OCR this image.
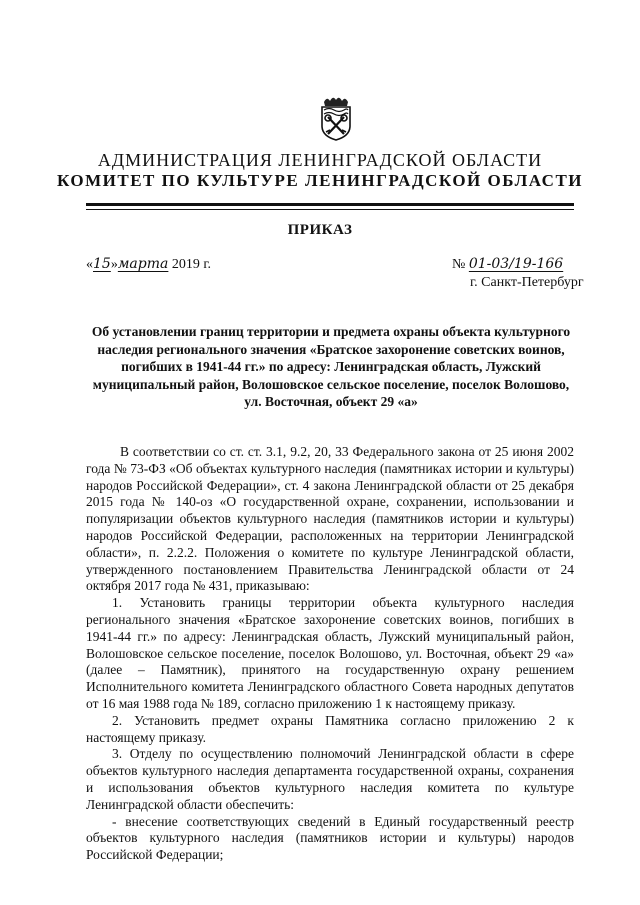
АДМИНИСТРАЦИЯ ЛЕНИНГРАДСКОЙ ОБЛАСТИ
КОМИТЕТ ПО КУЛЬТУРЕ ЛЕНИНГРАДСКОЙ ОБЛАСТИ
ПРИКАЗ
«15»марта 2019 г.	№ 01-03/19-166
г. Санкт-Петербург
Об установлении границ территории и предмета охраны объекта культурного наследия регионального значения «Братское захоронение советских воинов, погибших в 1941-44 гг.» по адресу: Ленинградская область, Лужский муниципальный район, Волошовское сельское поселение, поселок Волошово, ул. Восточная, объект 29 «а»

В соответствии со ст. ст. 3.1, 9.2, 20, 33 Федерального закона от 25 июня 2002 года № 73-ФЗ «Об объектах культурного наследия (памятниках истории и культуры) народов Российской Федерации», ст. 4 закона Ленинградской области от 25 декабря 2015 года № 140-оз «О государственной охране, сохранении, использовании и популяризации объектов культурного наследия (памятников истории и культуры) народов Российской Федерации, расположенных на территории Ленинградской области», п. 2.2.2. Положения о комитете по культуре Ленинградской области, утвержденного постановлением Правительства Ленинградской области от 24 октября 2017 года № 431, приказываю:

1. Установить границы территории объекта культурного наследия регионального значения «Братское захоронение советских воинов, погибших в 1941-44 гг.» по адресу: Ленинградская область, Лужский муниципальный район, Волошовское сельское поселение, поселок Волошово, ул. Восточная, объект 29 «а» (далее – Памятник), принятого на государственную охрану решением Исполнительного комитета Ленинградского областного Совета народных депутатов от 16 мая 1988 года № 189, согласно приложению 1 к настоящему приказу.

2. Установить предмет охраны Памятника согласно приложению 2 к настоящему приказу.

3. Отделу по осуществлению полномочий Ленинградской области в сфере объектов культурного наследия департамента государственной охраны, сохранения и использования объектов культурного наследия комитета по культуре Ленинградской области обеспечить:

- внесение соответствующих сведений в Единый государственный реестр объектов культурного наследия (памятников истории и культуры) народов Российской Федерации;
